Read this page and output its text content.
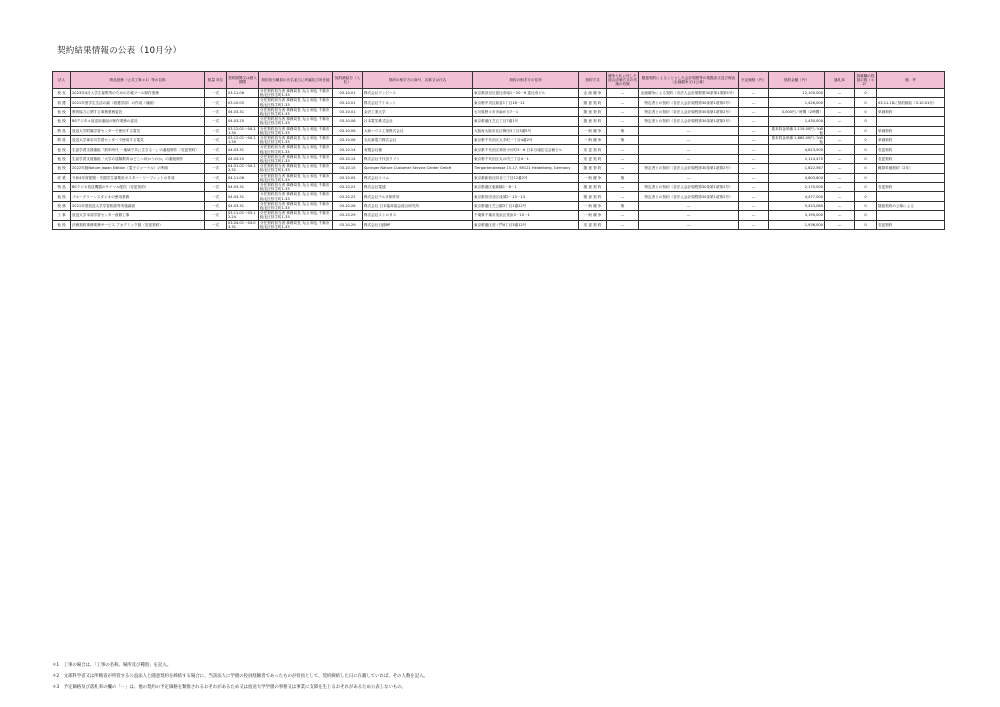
契約結果情報の公表（10月分）
法人	物品役務（公共工事＊1）等の名称	数量 単位	契約期間又は納入期限	契約担当職員の氏名並びに所属及び所在地	契約締結日（入札）	契約の相手方の商号、名称又は氏名	契約の相手方の住所	契約方式	競争入札に付した総合評価方式の実施の有無	随意契約によることとした会計規程等の根拠条文及び理由（企画競争又は公募）	予定価格（円）	契約金額（円）	落札率	再就職の役員の数（＊2）	備　考
校 友	2023年4月入学生募集等のための広報ツール制作業務	一式	03.11.06	分任契約担当者 事務局長 丸山 和也 千葉市稲毛区弥生町1-33	03.10.01	株式会社ワンピース	東京都渋谷区恵比寿南1－20－6 恵比寿ビル	企 画 競 争	—	企画競争による契約（各法人会計規程第30条第1項第1号）	—	12,100,000	—	0	
看 護	2021年度学生生活の調（看護学部）の作成（補綴）	一式	03.10.05	分任契約担当者 事務局長 丸山 和也 千葉市稲毛区弥生町1-33	03.10.01	株式会社アイネット	東京都中央区新富1丁目16－21	随 意 契 約	—	特定者との契約（各法人会計規程第30条第1項第2号）	—	1,426,000	—	0	03.11.18に契約締結（3.10.01付）
他 校	教育協力に関する事務業務委託	一式	04.03.31	分任契約担当者 事務局長 丸山 和也 千葉市稲毛区弥生町1-33	03.10.01	金沢工業大学	石川県野々市市扇が丘7－1	随 意 契 約	—	特定者との契約（各法人会計規程第30条第1項第2号）	—	3,000円／時間（2時間）	—	0	単価契約
他 校	BSデジタル放送用番組の制作業務の委託	一式	04.03.25	分任契約担当者 事務局長 丸山 和也 千葉市稲毛区弥生町1-33	03.10.06	日本電気株式会社	東京都港区芝五丁目7番1号	随 意 契 約	—	特定者との契約（各法人会計規程第30条第1項第2号）	—	1,430,000	—	0	
教 員	放送大学附属学習センターで使用する電気	一式	03.12.01～04.11.30	分任契約担当者 事務局長 丸山 和也 千葉市稲毛区弥生町1-33	03.10.06	大和ハウス工業株式会社	大阪府大阪市北区梅田3丁目3番5号	一 般 競 争	無	—	—	基本料金単価 2,119.00円／kW 他	—	0	単価契約
教 員	放送大学神奈川学習センターで使用する電気	一式	03.12.01～04.11.30	分任契約担当者 事務局長 丸山 和也 千葉市稲毛区弥生町1-33	03.10.06	丸紅新電力株式会社	東京都千代田区大手町一丁目4番2号	一 般 競 争	無	—	—	基本料金単価 1,865.00円／kW 他	—	0	単価契約
他 校	生涯学習支援番組『熟年時代 －地域で共に生きる－』の番組制作（変更契約）	一式	04.03.31	分任契約担当者 事務局長 丸山 和也 千葉市稲毛区弥生町1-33	03.10.14	有限会社創	東京都千代田区神田小川町3－6 日本分譲住宅会館ビル	変 更 契 約	—	—	—	4,613,500	—	0	変更契約
他 校	生涯学習支援番組「大学の遠隔教育はどこへ向かうのか」の番組制作	一式	04.03.25	分任契約担当者 事務局長 丸山 和也 千葉市稲毛区弥生町1-33	03.10.14	株式会社千代田ラフト	東京都千代田区丸の内三丁目4－1	変 更 契 約	—	—	—	2,114,470	—	0	変更契約
他 校	2022年版Nature Japan Edition（電子ジャーナル）の利用	一式	04.01.01～04.12.31	分任契約担当者 事務局長 丸山 和也 千葉市稲毛区弥生町1-33	03.10.15	Springer Nature Customer Service Center GmbH	Tiergartenstrasse 15-17, 69121 Heidelberg, Germany	随 意 契 約	—	特定者との契約（各法人会計規程第30条第1項第2号）	—	1,622,567	—	0	概算単価契約（2年）
産 業	令和4年度夏期・冬期学生募集用ポスター・リーフレットの作成	一式	04.11.06	分任契約担当者 事務局長 丸山 和也 千葉市稲毛区弥生町1-33	03.10.05	株式会社リコム	東京都新宿区四谷三丁目12番2号	一 般 競 争	無	—	—	4,603,600	—	0	
物 品	BSラジオ放送機器のサイマル配信（変更契約）	一式	04.03.31	分任契約担当者 事務局長 丸山 和也 千葉市稲毛区弥生町1-33	03.10.22	株式会社電通	東京都港区東新橋1－8－1	随 意 契 約	—	特定者との契約（各法人会計規程第30条第1項第2号）	—	2,170,000	—	0	変更契約
他 校	ブルーグリーンスタジオの使用業務	一式	04.03.31	分任契約担当者 事務局長 丸山 和也 千葉市稲毛区弥生町1-33	03.10.22	株式会社テルタ制作所	東京都世田谷区成城2－13－13	随 意 契 約	—	特定者との契約（各法人会計規程第30条第1項第2号）	—	4,477,000	—	0	
校 務	2021年度放送大学学習相談等実施調査	一式	04.03.31	分任契約担当者 事務局長 丸山 和也 千葉市稲毛区弥生町1-33	03.10.26	株式会社 日本能率協会総合研究所	東京都港区芝公園3丁目1番22号	一 般 競 争	無	—	—	5,423,080	—	0	随意契約の公募による
工 事	放送大学本部学習センター改修工事	一式	03.11.01～03.12.24	分任契約担当者 事務局長 丸山 和也 千葉市稲毛区弥生町1-33	03.10.29	株式会社ストロタス	千葉県千葉市美浜区美浜3－10－1	一 般 競 争	—	—	—	3,190,000	—	0	
他 校	法務契約事務業務サービス アカデミック版（変更契約）	一式	03.04.01～04.03.31	分任契約担当者 事務局長 丸山 和也 千葉市稲毛区弥生町1-33	03.10.29	株式会社日経BP	東京都港区虎ノ門4丁目3番12号	変 更 契 約	—	—	—	1,936,000	—	0	変更契約
＊1　工事の場合は、「工事の名称、場所及び種別」を記入。
＊2　文部科学省又は所轄省が所管する公益法人と随意契約を締結する場合に、当該法人に学園の役員経験者であったものが役員として、契約締結した日に在籍していれば、その人数を記入。
＊3　予定価格及び落札率の欄の「－」は、他の契約の予定価格を類推されるおそれがあるため又は放送大学学園の事務又は事業に支障を生じるおそれがあるため公表しないもの。
